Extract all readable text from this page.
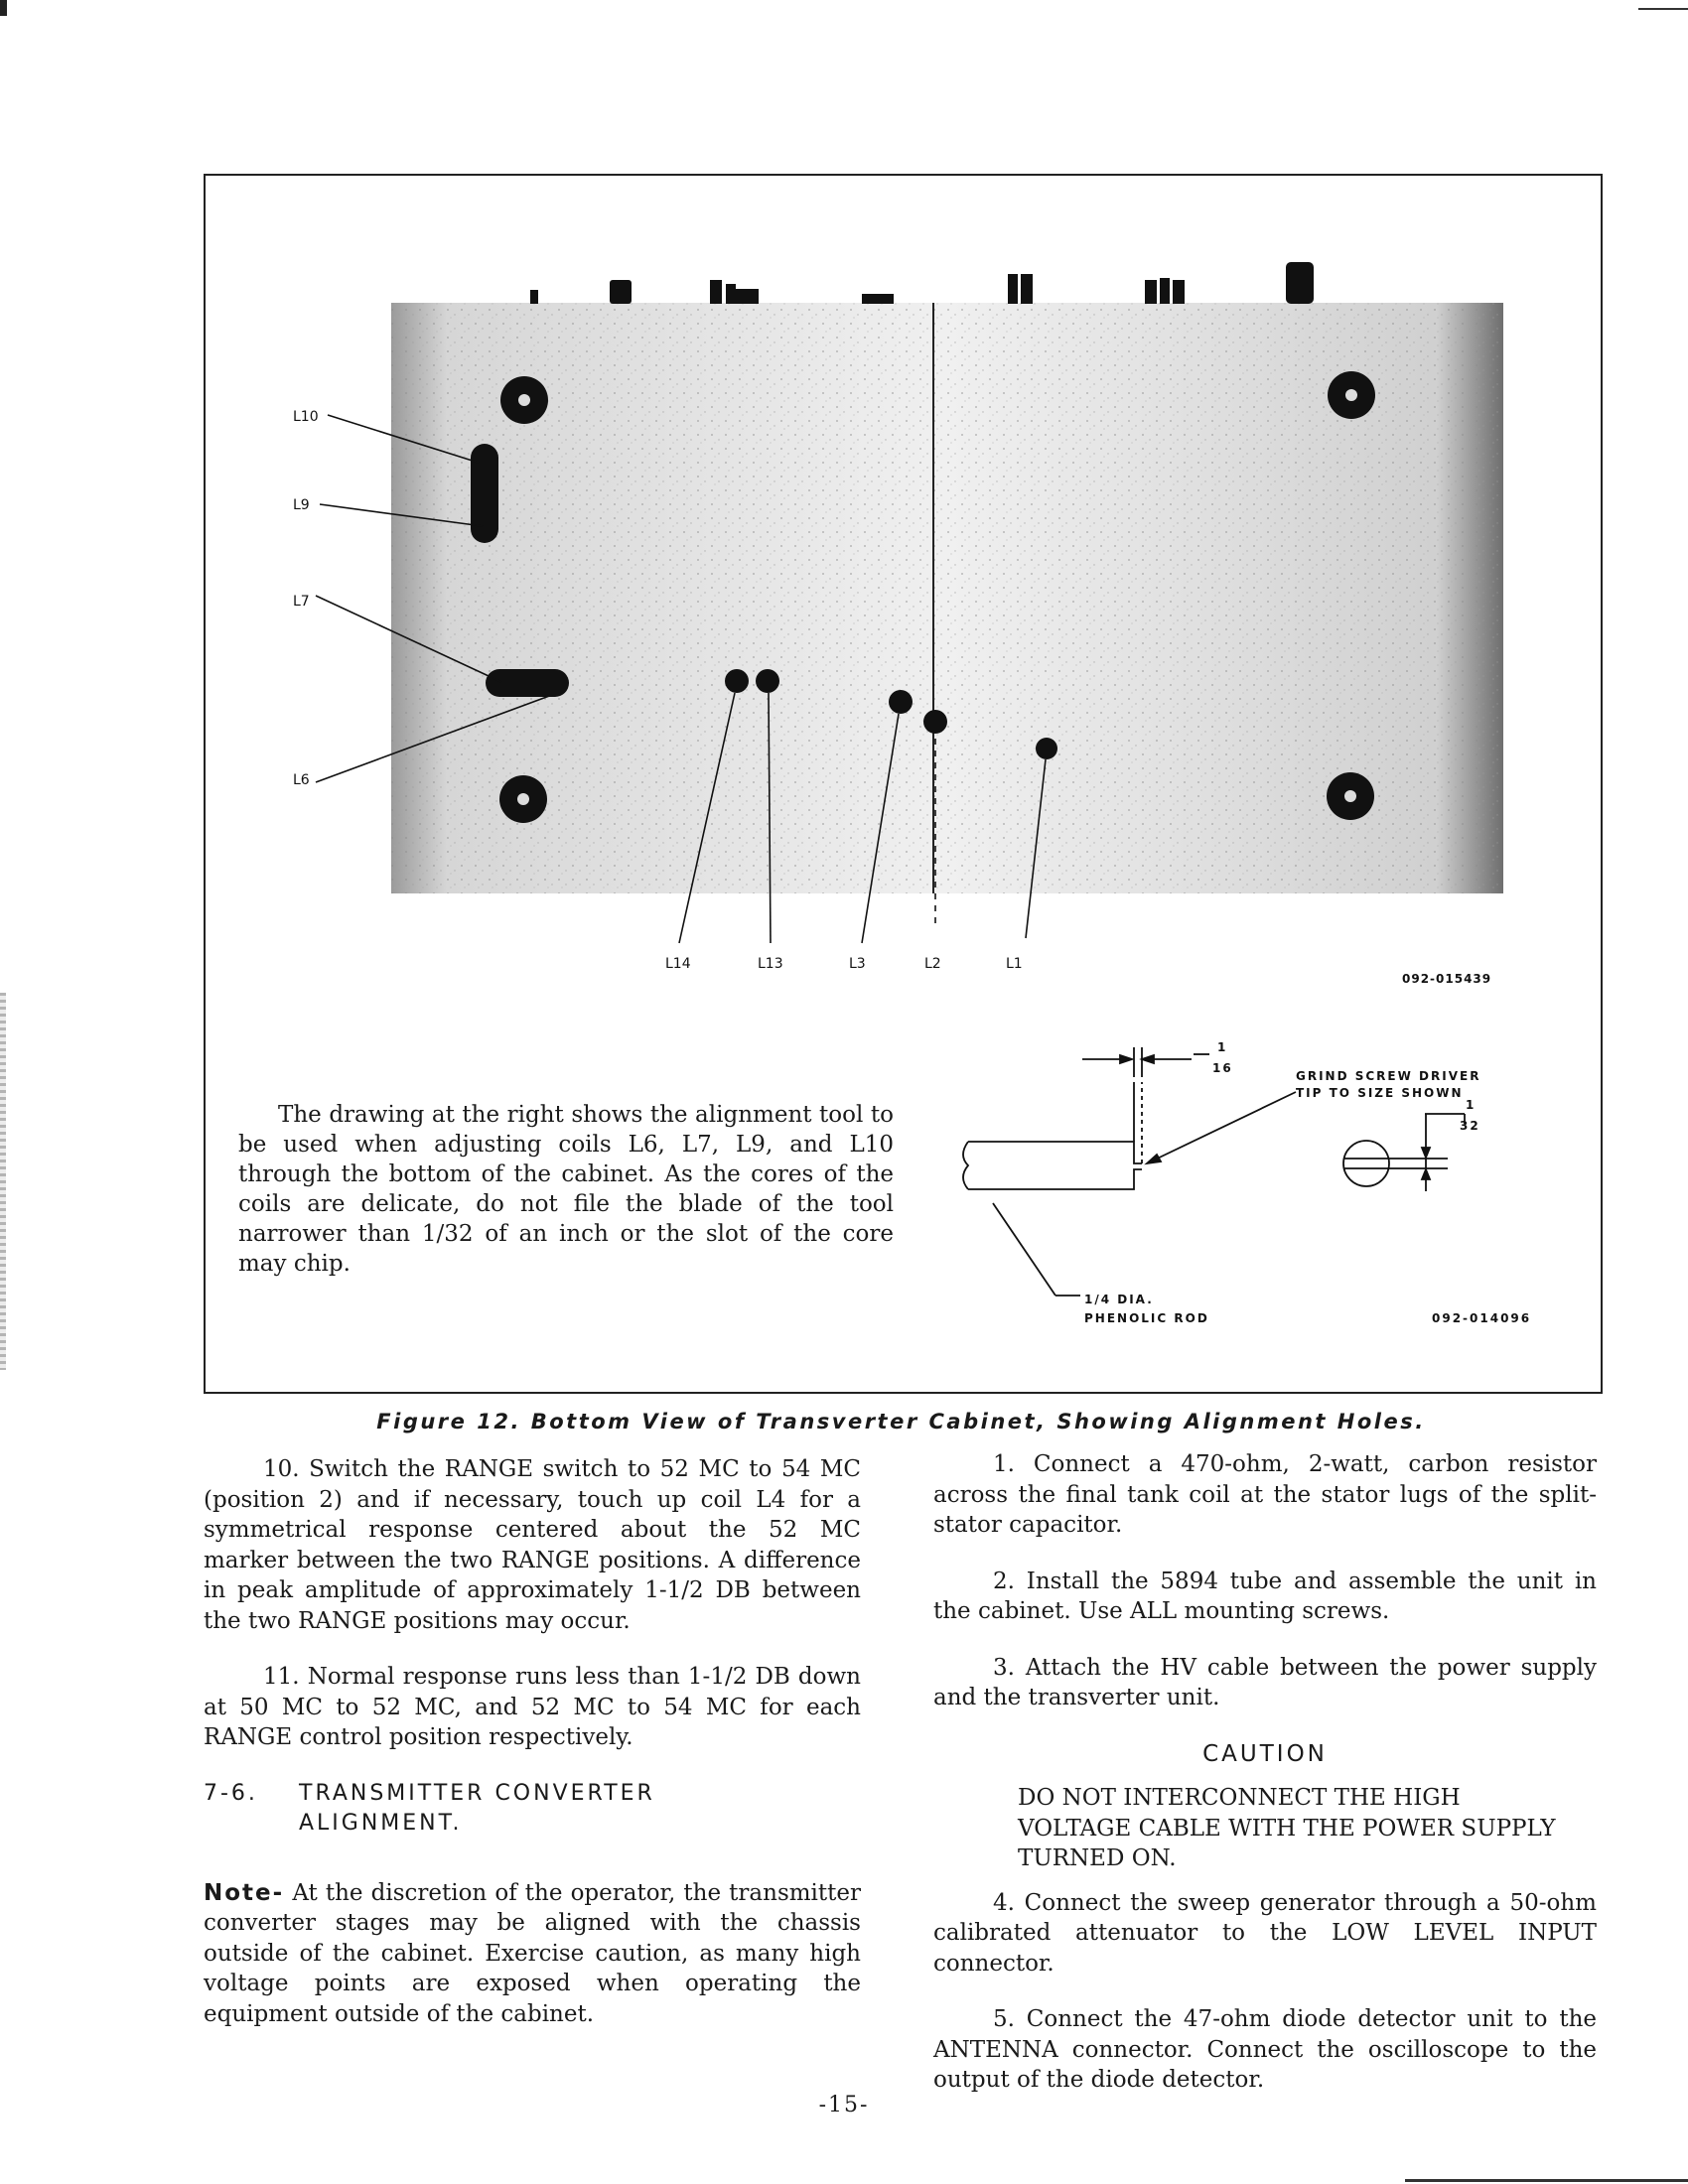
L10
L9
L7
L6
L14	L13	L3	L2	L1
092-015439
1
16
GRIND SCREW DRIVER
TIP TO SIZE SHOWN
1
32
1/4 DIA.
PHENOLIC ROD	092-014096

The drawing at the right shows the alignment tool to be used when adjusting coils L6, L7, L9, and L10 through the bottom of the cabinet. As the cores of the coils are delicate, do not file the blade of the tool narrower than 1/32 of an inch or the slot of the core may chip.

Figure 12. Bottom View of Transverter Cabinet, Showing Alignment Holes.

10. Switch the RANGE switch to 52 MC to 54 MC (position 2) and if necessary, touch up coil L4 for a symmetrical response centered about the 52 MC marker between the two RANGE positions. A difference in peak amplitude of approximately 1-1/2 DB between the two RANGE positions may occur.

11. Normal response runs less than 1-1/2 DB down at 50 MC to 52 MC, and 52 MC to 54 MC for each RANGE control position respectively.

7-6. TRANSMITTER CONVERTER
ALIGNMENT.

Note- At the discretion of the operator, the transmitter converter stages may be aligned with the chassis outside of the cabinet. Exercise caution, as many high voltage points are exposed when operating the equipment outside of the cabinet.

1. Connect a 470-ohm, 2-watt, carbon resistor across the final tank coil at the stator lugs of the split-stator capacitor.

2. Install the 5894 tube and assemble the unit in the cabinet. Use ALL mounting screws.

3. Attach the HV cable between the power supply and the transverter unit.

CAUTION

DO NOT INTERCONNECT THE HIGH VOLTAGE CABLE WITH THE POWER SUPPLY TURNED ON.

4. Connect the sweep generator through a 50-ohm calibrated attenuator to the LOW LEVEL INPUT connector.

5. Connect the 47-ohm diode detector unit to the ANTENNA connector. Connect the oscilloscope to the output of the diode detector.

-15-
